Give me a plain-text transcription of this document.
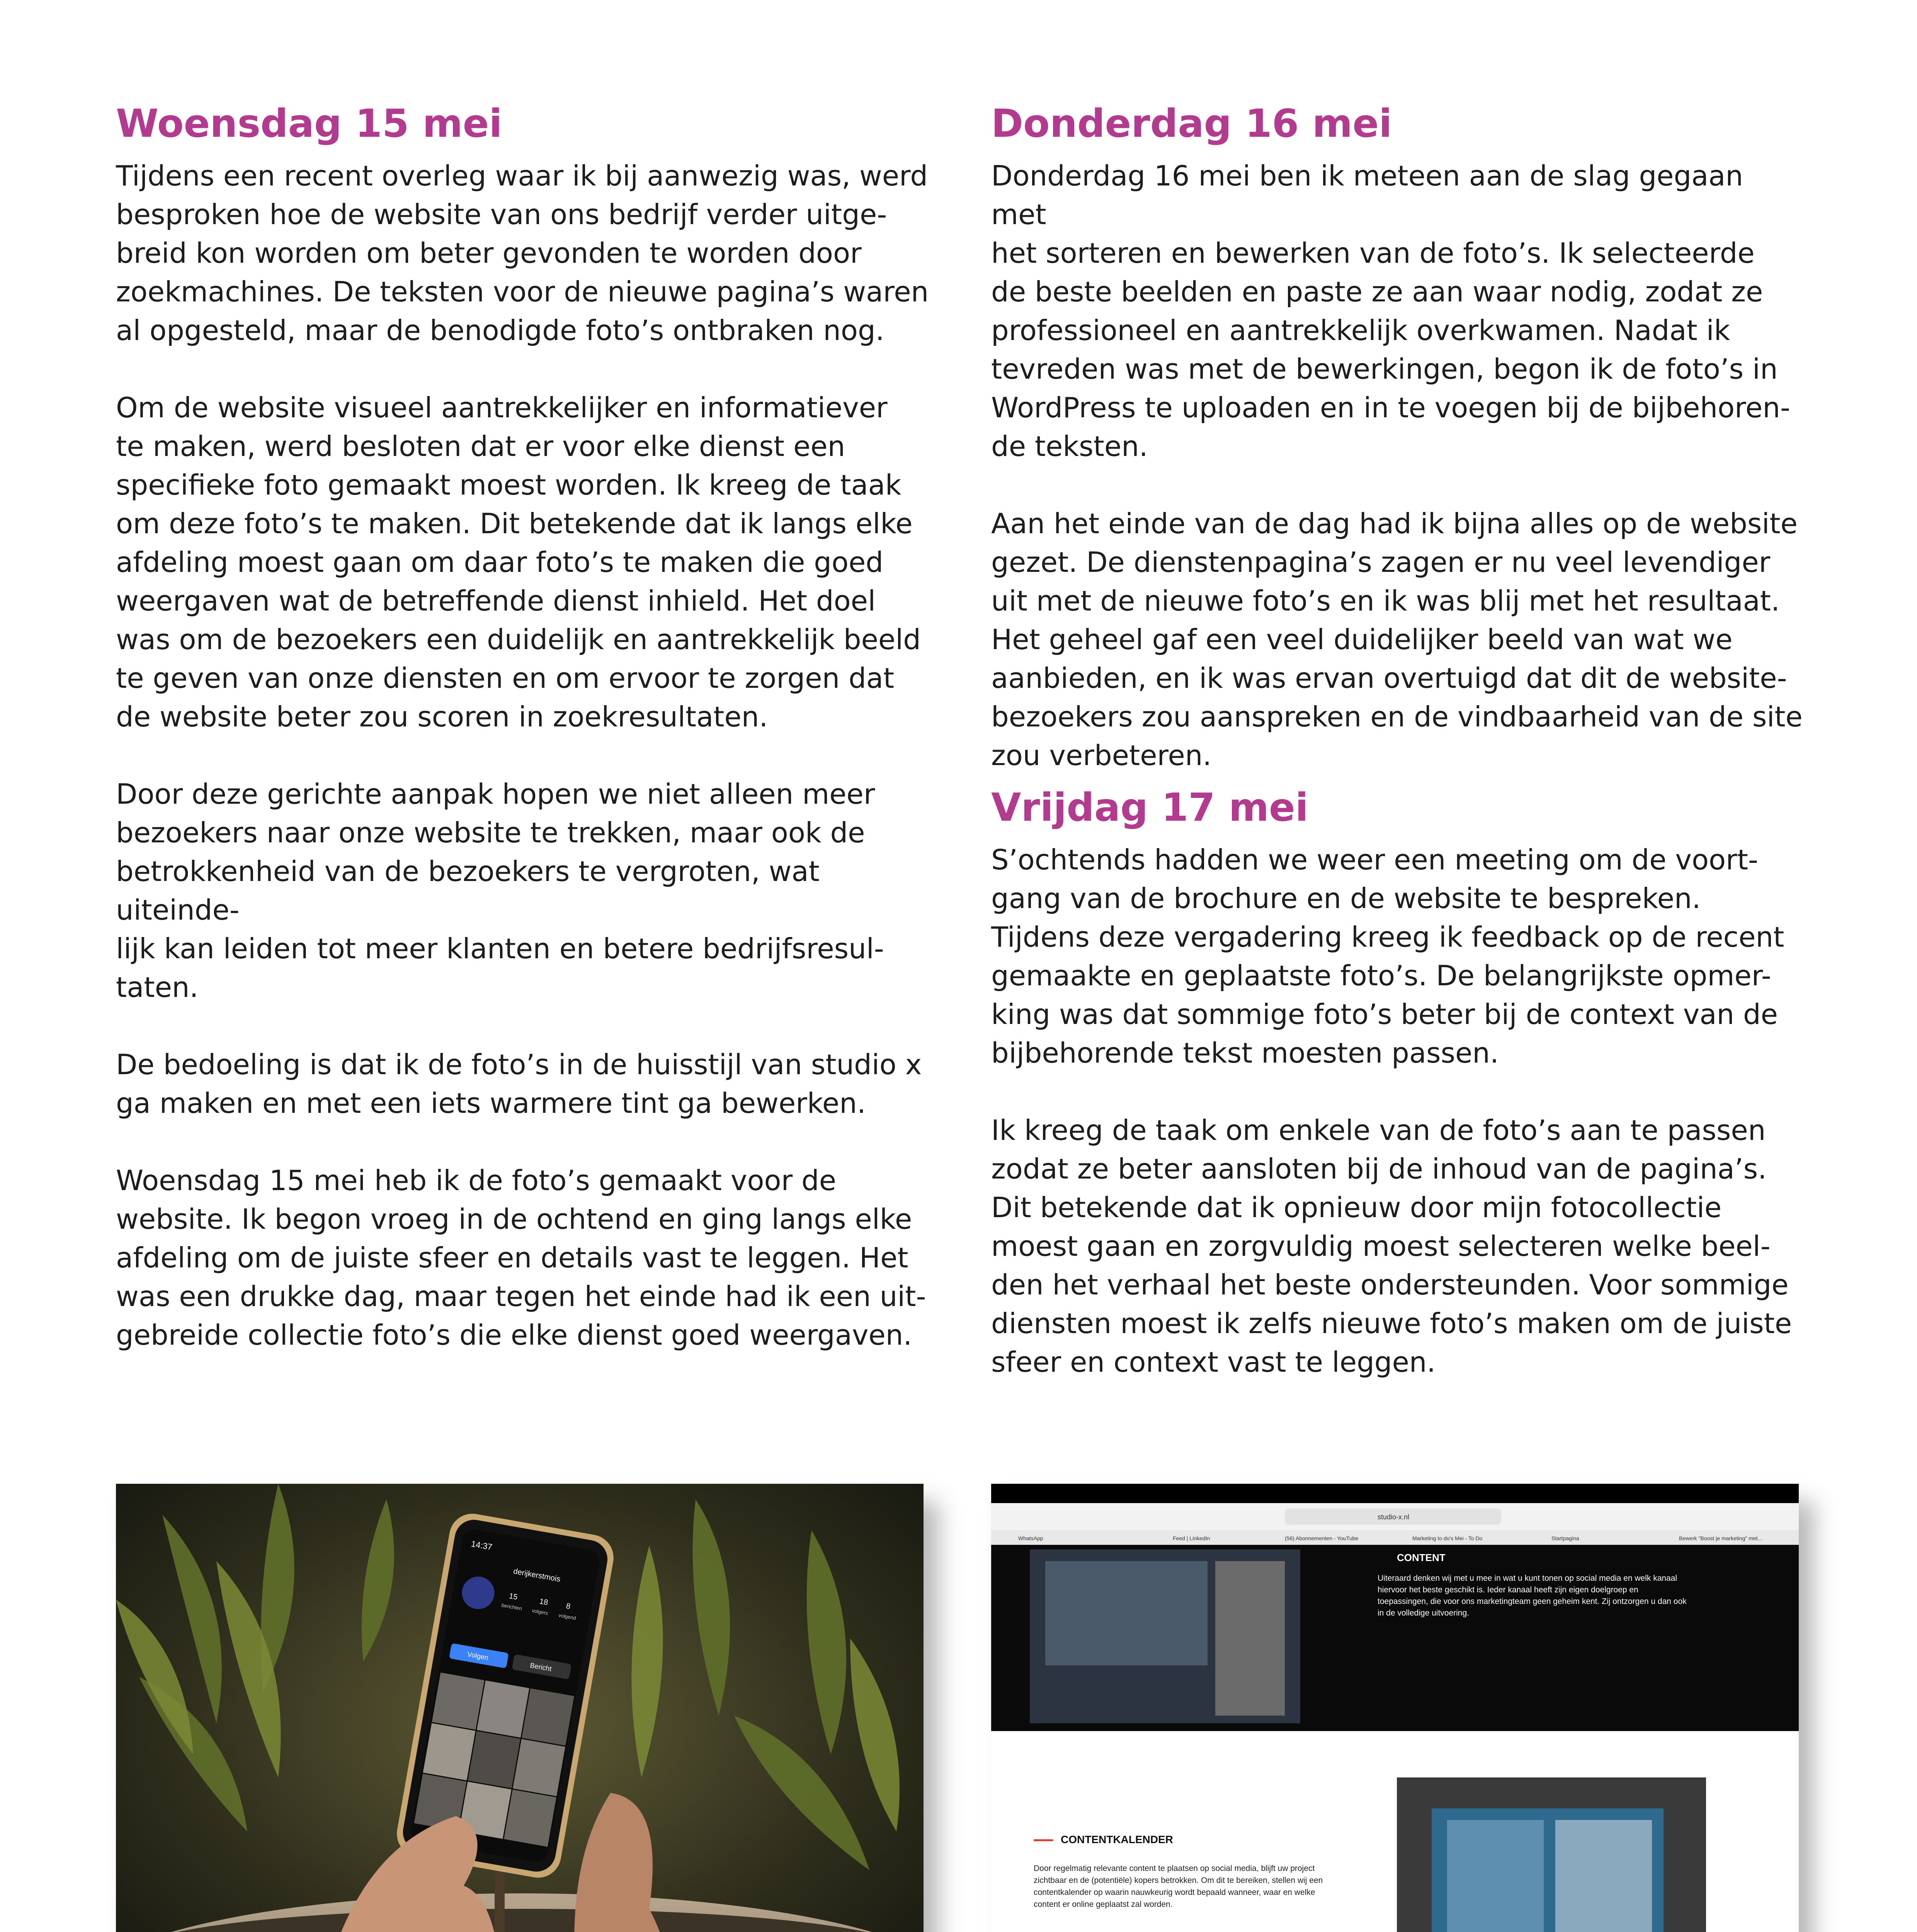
Woensdag 15 mei

Tijdens een recent overleg waar ik bij aanwezig was, werd
besproken hoe de website van ons bedrijf verder uitge-
breid kon worden om beter gevonden te worden door
zoekmachines. De teksten voor de nieuwe pagina’s waren
al opgesteld, maar de benodigde foto’s ontbraken nog.

Om de website visueel aantrekkelijker en informatiever
te maken, werd besloten dat er voor elke dienst een
specifieke foto gemaakt moest worden. Ik kreeg de taak
om deze foto’s te maken. Dit betekende dat ik langs elke
afdeling moest gaan om daar foto’s te maken die goed
weergaven wat de betreffende dienst inhield. Het doel
was om de bezoekers een duidelijk en aantrekkelijk beeld
te geven van onze diensten en om ervoor te zorgen dat
de website beter zou scoren in zoekresultaten.

Door deze gerichte aanpak hopen we niet alleen meer
bezoekers naar onze website te trekken, maar ook de
betrokkenheid van de bezoekers te vergroten, wat uiteinde-
lijk kan leiden tot meer klanten en betere bedrijfsresul-
taten.

De bedoeling is dat ik de foto’s in de huisstijl van studio x
ga maken en met een iets warmere tint ga bewerken.

Woensdag 15 mei heb ik de foto’s gemaakt voor de
website. Ik begon vroeg in de ochtend en ging langs elke
afdeling om de juiste sfeer en details vast te leggen. Het
was een drukke dag, maar tegen het einde had ik een uit-
gebreide collectie foto’s die elke dienst goed weergaven.

Donderdag 16 mei

Donderdag 16 mei ben ik meteen aan de slag gegaan met
het sorteren en bewerken van de foto’s. Ik selecteerde
de beste beelden en paste ze aan waar nodig, zodat ze
professioneel en aantrekkelijk overkwamen. Nadat ik
tevreden was met de bewerkingen, begon ik de foto’s in
WordPress te uploaden en in te voegen bij de bijbehoren-
de teksten.

Aan het einde van de dag had ik bijna alles op de website
gezet. De dienstenpagina’s zagen er nu veel levendiger
uit met de nieuwe foto’s en ik was blij met het resultaat.
Het geheel gaf een veel duidelijker beeld van wat we
aanbieden, en ik was ervan overtuigd dat dit de website-
bezoekers zou aanspreken en de vindbaarheid van de site
zou verbeteren.

Vrijdag 17 mei

S’ochtends hadden we weer een meeting om de voort-
gang van de brochure en de website te bespreken.
Tijdens deze vergadering kreeg ik feedback op de recent
gemaakte en geplaatste foto’s. De belangrijkste opmer-
king was dat sommige foto’s beter bij de context van de
bijbehorende tekst moesten passen.

Ik kreeg de taak om enkele van de foto’s aan te passen
zodat ze beter aansloten bij de inhoud van de pagina’s.
Dit betekende dat ik opnieuw door mijn fotocollectie
moest gaan en zorgvuldig moest selecteren welke beel-
den het verhaal het beste ondersteunden. Voor sommige
diensten moest ik zelfs nieuwe foto’s maken om de juiste
sfeer en context vast te leggen.

14:37
derijkerstmois
15
18 8
berichten
volgers
volgend
Volgen
Bericht
studio-x.nl
WhatsApp	Feed | LinkedIn	(56) Abonnementen - YouTube	Marketing to do's Mei - To Do	Startpagina	Bewerk "Boost je marketing" met...
CONTENT
Uiteraard denken wij met u mee in wat u kunt tonen op social media en welk kanaal hiervoor het beste geschikt is. Ieder kanaal heeft zijn eigen doelgroep en toepassingen, die voor ons marketingteam geen geheim kent. Zij ontzorgen u dan ook in de volledige uitvoering.
CONTENTKALENDER
Door regelmatig relevante content te plaatsen op social media, blijft uw project zichtbaar en de (potentiële) kopers betrokken. Om dit te bereiken, stellen wij een contentkalender op waarin nauwkeurig wordt bepaald wanneer, waar en welke content er online geplaatst zal worden.
